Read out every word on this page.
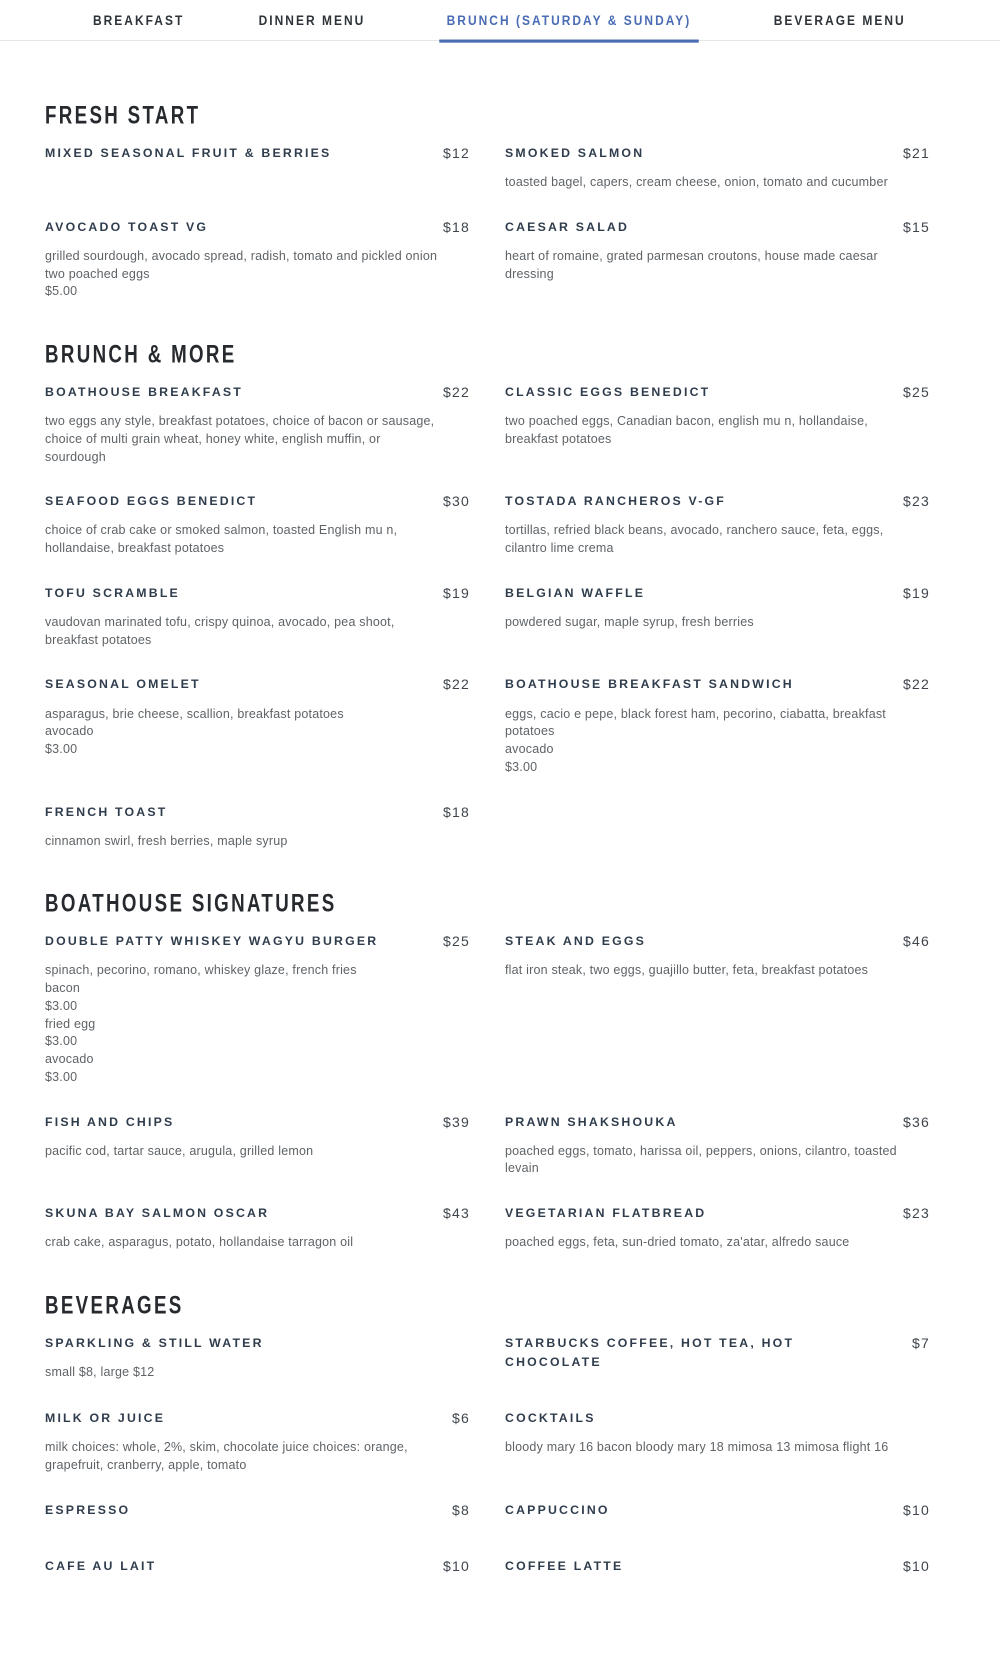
BREAKFAST	DINNER MENU	BRUNCH (SATURDAY & SUNDAY)	BEVERAGE MENU
FRESH START
MIXED SEASONAL FRUIT & BERRIES	$12	SMOKED SALMON	$21
toasted bagel, capers, cream cheese, onion, tomato and cucumber
AVOCADO TOAST VG	$18
grilled sourdough, avocado spread, radish, tomato and pickled onion
two poached eggs
$5.00
CAESAR SALAD	$15
heart of romaine, grated parmesan croutons, house made caesar dressing
BRUNCH & MORE
BOATHOUSE BREAKFAST	$22
two eggs any style, breakfast potatoes, choice of bacon or sausage, choice of multi grain wheat, honey white, english muffin, or sourdough
CLASSIC EGGS BENEDICT	$25
two poached eggs, Canadian bacon, english mu n, hollandaise, breakfast potatoes
SEAFOOD EGGS BENEDICT	$30
choice of crab cake or smoked salmon, toasted English mu n, hollandaise, breakfast potatoes
TOSTADA RANCHEROS V-GF	$23
tortillas, refried black beans, avocado, ranchero sauce, feta, eggs, cilantro lime crema
TOFU SCRAMBLE	$19
vaudovan marinated tofu, crispy quinoa, avocado, pea shoot, breakfast potatoes
BELGIAN WAFFLE	$19
powdered sugar, maple syrup, fresh berries
SEASONAL OMELET	$22
asparagus, brie cheese, scallion, breakfast potatoes
avocado
$3.00
BOATHOUSE BREAKFAST SANDWICH	$22
eggs, cacio e pepe, black forest ham, pecorino, ciabatta, breakfast potatoes
avocado
$3.00
FRENCH TOAST	$18
cinnamon swirl, fresh berries, maple syrup
BOATHOUSE SIGNATURES
DOUBLE PATTY WHISKEY WAGYU BURGER	$25
spinach, pecorino, romano, whiskey glaze, french fries
bacon
$3.00
fried egg
$3.00
avocado
$3.00
STEAK AND EGGS	$46
flat iron steak, two eggs, guajillo butter, feta, breakfast potatoes
FISH AND CHIPS	$39
pacific cod, tartar sauce, arugula, grilled lemon
PRAWN SHAKSHOUKA	$36
poached eggs, tomato, harissa oil, peppers, onions, cilantro, toasted levain
SKUNA BAY SALMON OSCAR	$43
crab cake, asparagus, potato, hollandaise tarragon oil
VEGETARIAN FLATBREAD	$23
poached eggs, feta, sun-dried tomato, za'atar, alfredo sauce
BEVERAGES
SPARKLING & STILL WATER
small $8, large $12
STARBUCKS COFFEE, HOT TEA, HOT CHOCOLATE
$7
MILK OR JUICE	$6
milk choices: whole, 2%, skim, chocolate juice choices: orange, grapefruit, cranberry, apple, tomato
COCKTAILS
bloody mary 16 bacon bloody mary 18 mimosa 13 mimosa flight 16
ESPRESSO	$8	CAPPUCCINO	$10
CAFE AU LAIT	$10	COFFEE LATTE	$10
